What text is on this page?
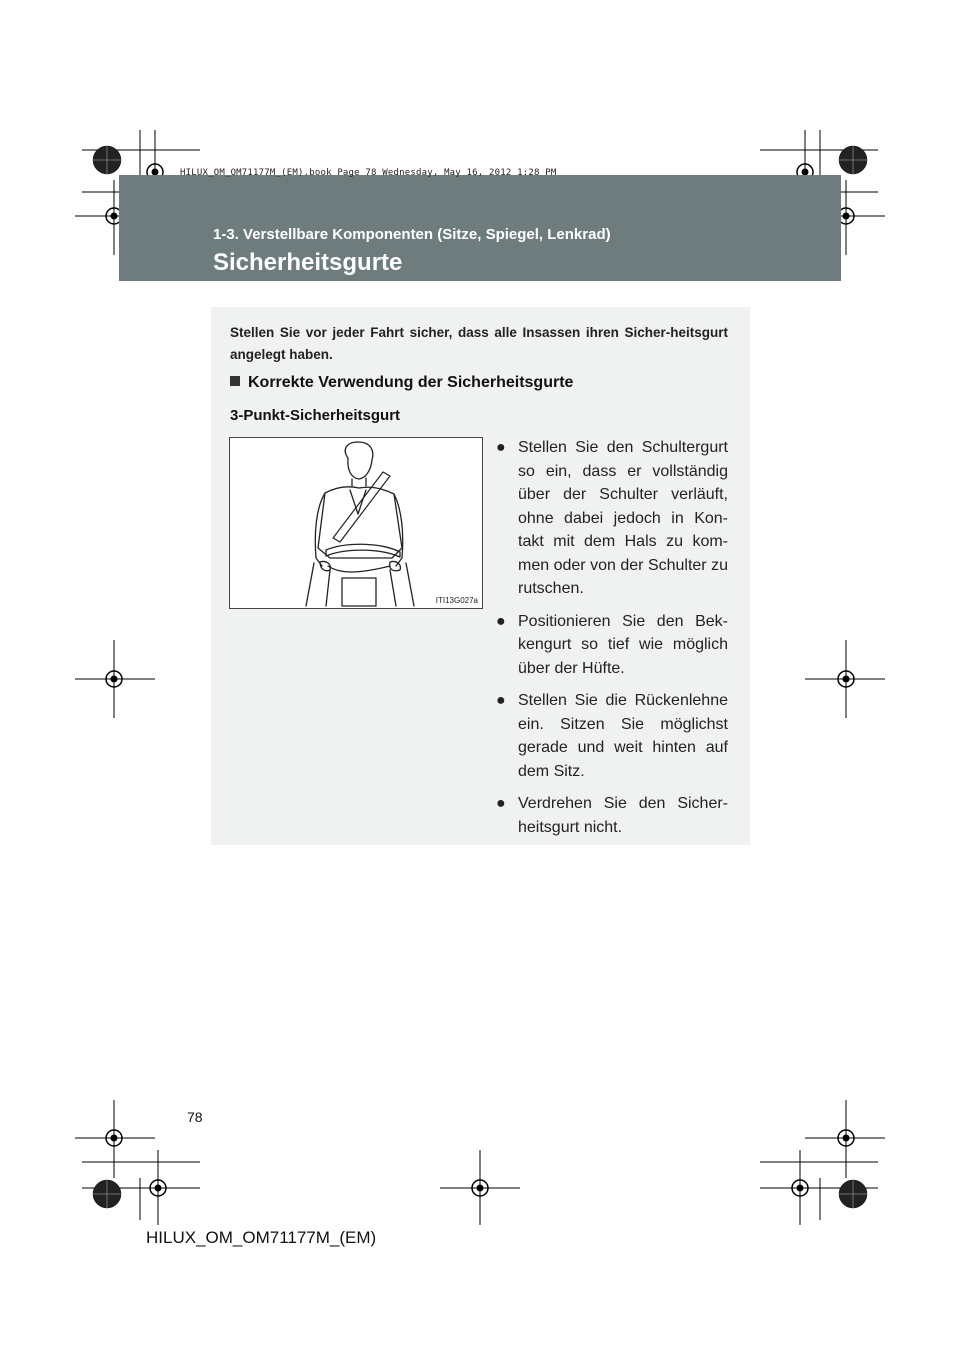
HILUX_OM_OM71177M_(EM).book Page 78 Wednesday, May 16, 2012 1:28 PM
1-3. Verstellbare Komponenten (Sitze, Spiegel, Lenkrad)
Sicherheitsgurte
Stellen Sie vor jeder Fahrt sicher, dass alle Insassen ihren Sicher-heitsgurt angelegt haben.
Korrekte Verwendung der Sicherheitsgurte
3-Punkt-Sicherheitsgurt
ITI13G027a
● Stellen Sie den Schultergurt so ein, dass er vollständig über der Schulter verläuft, ohne dabei jedoch in Kon-takt mit dem Hals zu kom-men oder von der Schulter zu rutschen.
● Positionieren Sie den Bek-kengurt so tief wie möglich über der Hüfte.
● Stellen Sie die Rückenlehne ein. Sitzen Sie möglichst gerade und weit hinten auf dem Sitz.
● Verdrehen Sie den Sicher-heitsgurt nicht.
78
HILUX_OM_OM71177M_(EM)
